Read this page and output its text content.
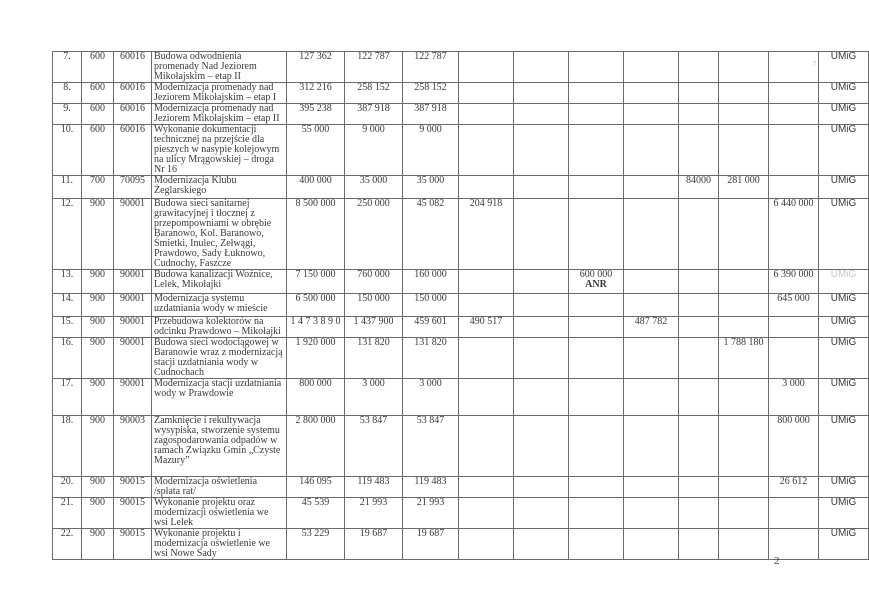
7.	600	60016	Budowa odwodnienia promenady Nad Jeziorem Mikołajskim – etap II	127 362	122 787	122 787							7	UMiG
8.	600	60016	Modernizacja promenady nad Jeziorem Mikołajskim – etap I	312 216	258 152	258 152								UMiG
9.	600	60016	Modernizacja promenady nad Jeziorem Mikołajskim – etap II	395 238	387 918	387 918								UMiG
10.	600	60016	Wykonanie dokumentacji technicznej na przejście dla pieszych w nasypie kolejowym na ulicy Mrągowskiej – droga Nr 16	55 000	9 000	9 000								UMiG
11.	700	70095	Modernizacja Klubu Żeglarskiego	400 000	35 000	35 000					84000	281 000		UMiG
12.	900	90001	Budowa sieci sanitarnej grawitacyjnej i tłocznej z przepompowniami w obrębie Baranowo, Kol. Baranowo, Śmietki, Inulec, Zełwągi, Prawdowo, Sady Łuknowo, Cudnochy, Faszcze	8 500 000	250 000	45 082	204 918						6 440 000	UMiG
13.	900	90001	Budowa kanalizacji Woźnice, Lelek, Mikołajki	7 150 000	760 000	160 000			600 000
ANR				6 390 000	UMiG
14.	900	90001	Modernizacja systemu uzdatniania wody w mieście	6 500 000	150 000	150 000							645 000	UMiG
15.	900	90001	Przebudowa kolektorów na odcinku Prawdowo – Mikołajki	1 4 7 3 8 9 0	1 437 900	459 601	490 517			487 782				UMiG
16.	900	90001	Budowa sieci wodociągowej w Baranowie wraz z modernizacją stacji uzdatniania wody w Cudnochach	1 920 000	131 820	131 820						1 788 180		UMiG
17.	900	90001	Modernizacja stacji uzdatniania wody w Prawdowie	800 000	3 000	3 000							3 000	UMiG
18.	900	90003	Zamknięcie i rekultywacja wysypiska, stworzenie systemu zagospodarowania odpadów w ramach Związku Gmin „Czyste Mazury”	2 800 000	53 847	53 847							800 000	UMiG
20.	900	90015	Modernizacja oświetlenia /spłata rat/	146 095	119 483	119 483							26 612	UMiG
21.	900	90015	Wykonanie projektu oraz modernizacji oświetlenia we wsi Lelek	45 539	21 993	21 993								UMiG
22.	900	90015	Wykonanie projektu i modernizacja oświetlenie we wsi Nowe Sady	53 229	19 687	19 687								UMiG
2
